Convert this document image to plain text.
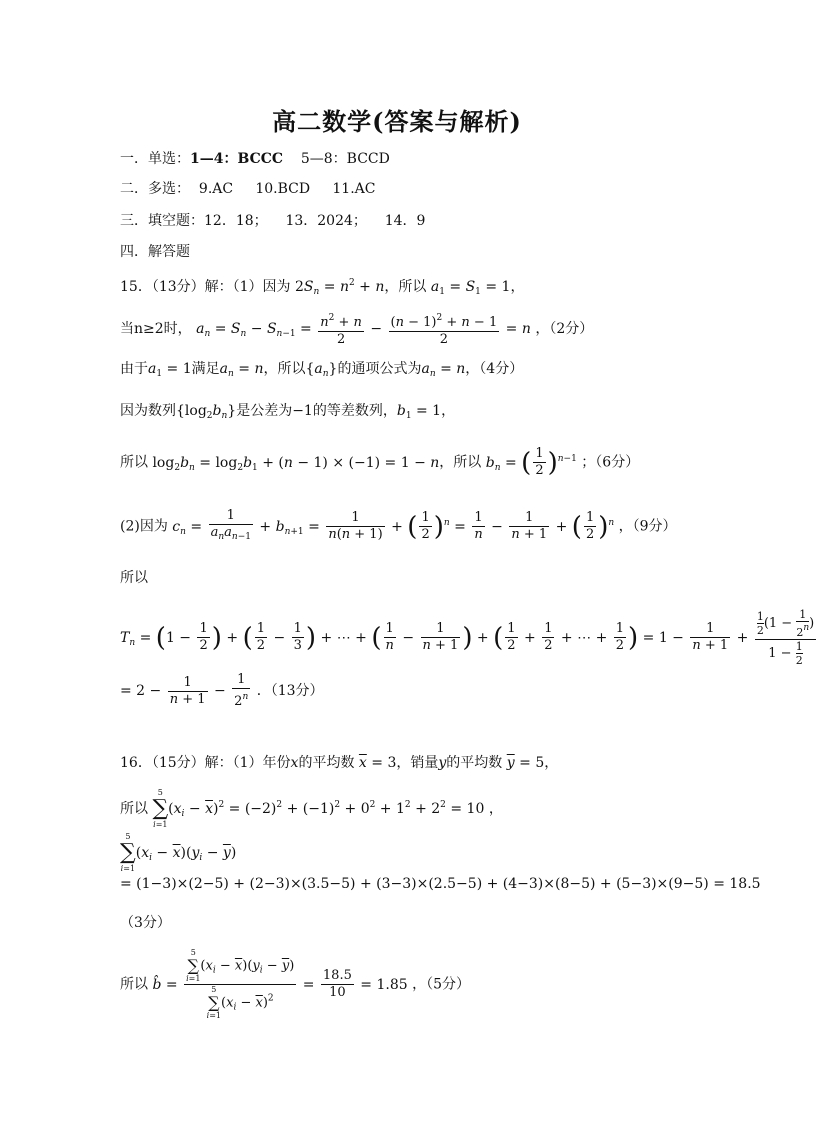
高二数学(答案与解析)
一．单选：1—4：BCCC 5—8：BCCD
二．多选： 9.AC 10.BCD 11.AC
三．填空题：12．18； 13．2024； 14．9
四．解答题
15．（13分）解：（1）因为 $2S_n = n^2 + n$，所以 $a_1 = S_1 = 1$，
当n≥2时， $a_n = S_n - S_{n-1} = \frac{n^2 + n}{2} - \frac{(n - 1)^2 + n - 1}{2} = n$ ，（2分）
由于$a_1 = 1$满足$a_n = n$，所以$\{a_n\}$的通项公式为$a_n = n$，（4分）
因为数列$\{\log_2b_n\}$是公差为−1的等差数列，$b_1 = 1$，
所以 $\log_2b_n = \log_2b_1 + (n - 1) \times (-1) = 1 - n$，所以 $b_n$ = ( $\frac{1}{2} )^{n-1}$ ；（6分）
(2)因为 $c_n = \frac{1}{a_na_{n-1}} + b_{n+1} = \frac{1}{n(n + 1)}$ + ( $\frac{1}{2} )^n = \frac{1}{n} - \frac{1}{n + 1}$ + ( $\frac{1}{2} )^n$ ，（9分）
所以
$T_n = (1 - \frac{1}{2}$ ) + ( $\frac{1}{2} - \frac{1}{3}$ ) + ⋯ + ( $\frac{1}{n} - \frac{1}{n + 1}$ ) + ( $\frac{1}{2} + \frac{1}{2}$ + ⋯ + $\frac{1}{2}$ ) = $1 - \frac{1}{n + 1} + \frac{\frac{1}{2} (1 - \frac{1}{2^n} )}{1 - \frac{1}{2}}$
= $2 - \frac{1}{n + 1} - \frac{1}{2^n}$ ．（13分）
16．（15分）解：（1）年份x的平均数 $\overline{x} = 3$，销量y的平均数 $\overline{y} = 5$，
所以
5
∑
i=1
$(x_i - \overline{x})^2 = (-2)^2 + (-1)^2 + 0^2 + 1^2 + 2^2 = 10$ ，
5
∑
i=1
$(x_i - \overline{x})(y_i - \overline{y})$
= (1−3)×(2−5) + (2−3)×(3.5−5) + (3−3)×(2.5−5) + (4−3)×(8−5) + (5−3)×(9−5) = 18.5
（3分）
所以 b̂ = 5
∑
i=1
$(x_i - \overline{x})(y_i - \overline{y})$
5
∑
i=1
$(x_i - \overline{x})^2 = \frac{18.5}{10} = 1.85$ ，（5分）
